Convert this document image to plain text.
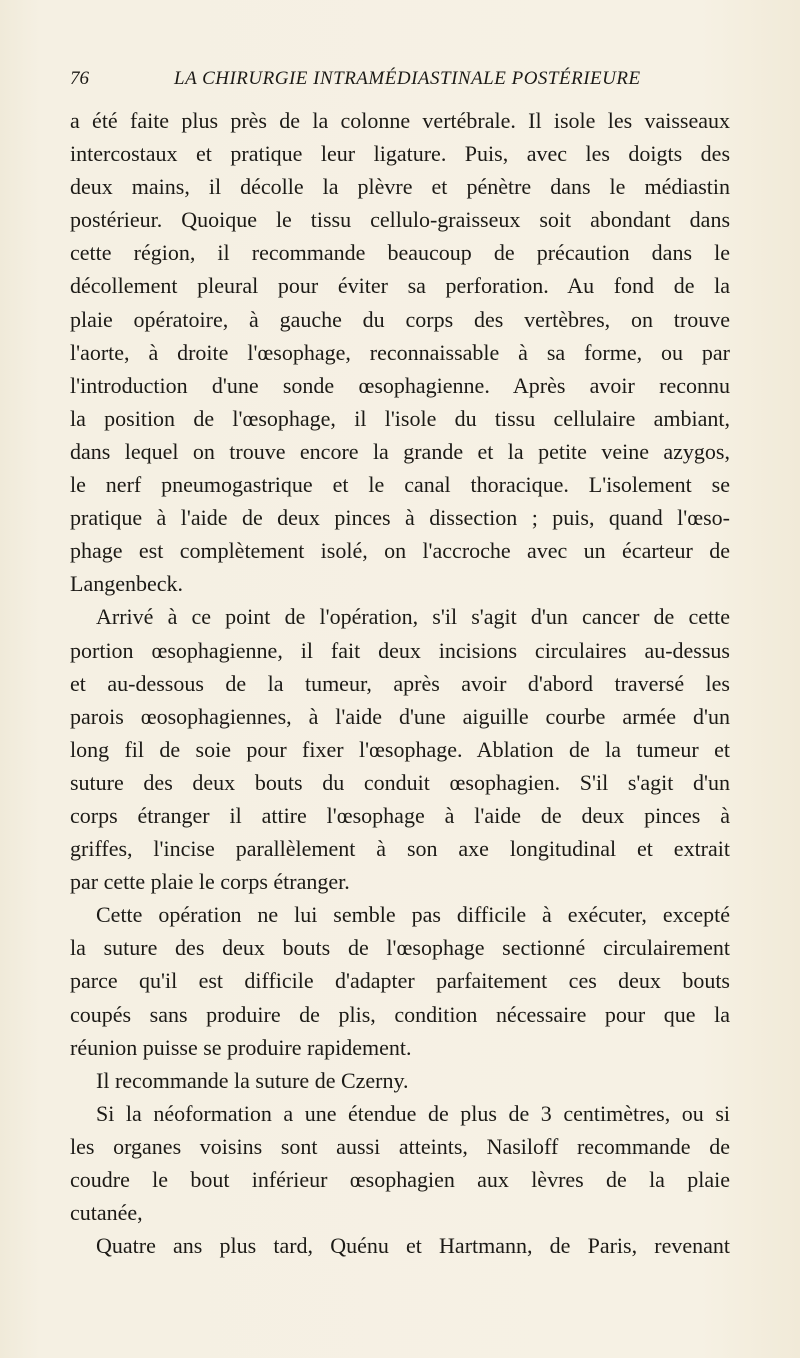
76	LA CHIRURGIE INTRAMÉDIASTINALE POSTÉRIEURE
a été faite plus près de la colonne vertébrale. Il isole les vaisseaux
intercostaux et pratique leur ligature. Puis, avec les doigts des
deux mains, il décolle la plèvre et pénètre dans le médiastin
postérieur. Quoique le tissu cellulo-graisseux soit abondant dans
cette région, il recommande beaucoup de précaution dans le
décollement pleural pour éviter sa perforation. Au fond de la
plaie opératoire, à gauche du corps des vertèbres, on trouve
l'aorte, à droite l'œsophage, reconnaissable à sa forme, ou par
l'introduction d'une sonde œsophagienne. Après avoir reconnu
la position de l'œsophage, il l'isole du tissu cellulaire ambiant,
dans lequel on trouve encore la grande et la petite veine azygos,
le nerf pneumogastrique et le canal thoracique. L'isolement se
pratique à l'aide de deux pinces à dissection ; puis, quand l'œso-
phage est complètement isolé, on l'accroche avec un écarteur de
Langenbeck.
Arrivé à ce point de l'opération, s'il s'agit d'un cancer de cette
portion œsophagienne, il fait deux incisions circulaires au-dessus
et au-dessous de la tumeur, après avoir d'abord traversé les
parois œosophagiennes, à l'aide d'une aiguille courbe armée d'un
long fil de soie pour fixer l'œsophage. Ablation de la tumeur et
suture des deux bouts du conduit œsophagien. S'il s'agit d'un
corps étranger il attire l'œsophage à l'aide de deux pinces à
griffes, l'incise parallèlement à son axe longitudinal et extrait
par cette plaie le corps étranger.
Cette opération ne lui semble pas difficile à exécuter, excepté
la suture des deux bouts de l'œsophage sectionné circulairement
parce qu'il est difficile d'adapter parfaitement ces deux bouts
coupés sans produire de plis, condition nécessaire pour que la
réunion puisse se produire rapidement.
Il recommande la suture de Czerny.
Si la néoformation a une étendue de plus de 3 centimètres, ou si
les organes voisins sont aussi atteints, Nasiloff recommande de
coudre le bout inférieur œsophagien aux lèvres de la plaie
cutanée,
Quatre ans plus tard, Quénu et Hartmann, de Paris, revenant
